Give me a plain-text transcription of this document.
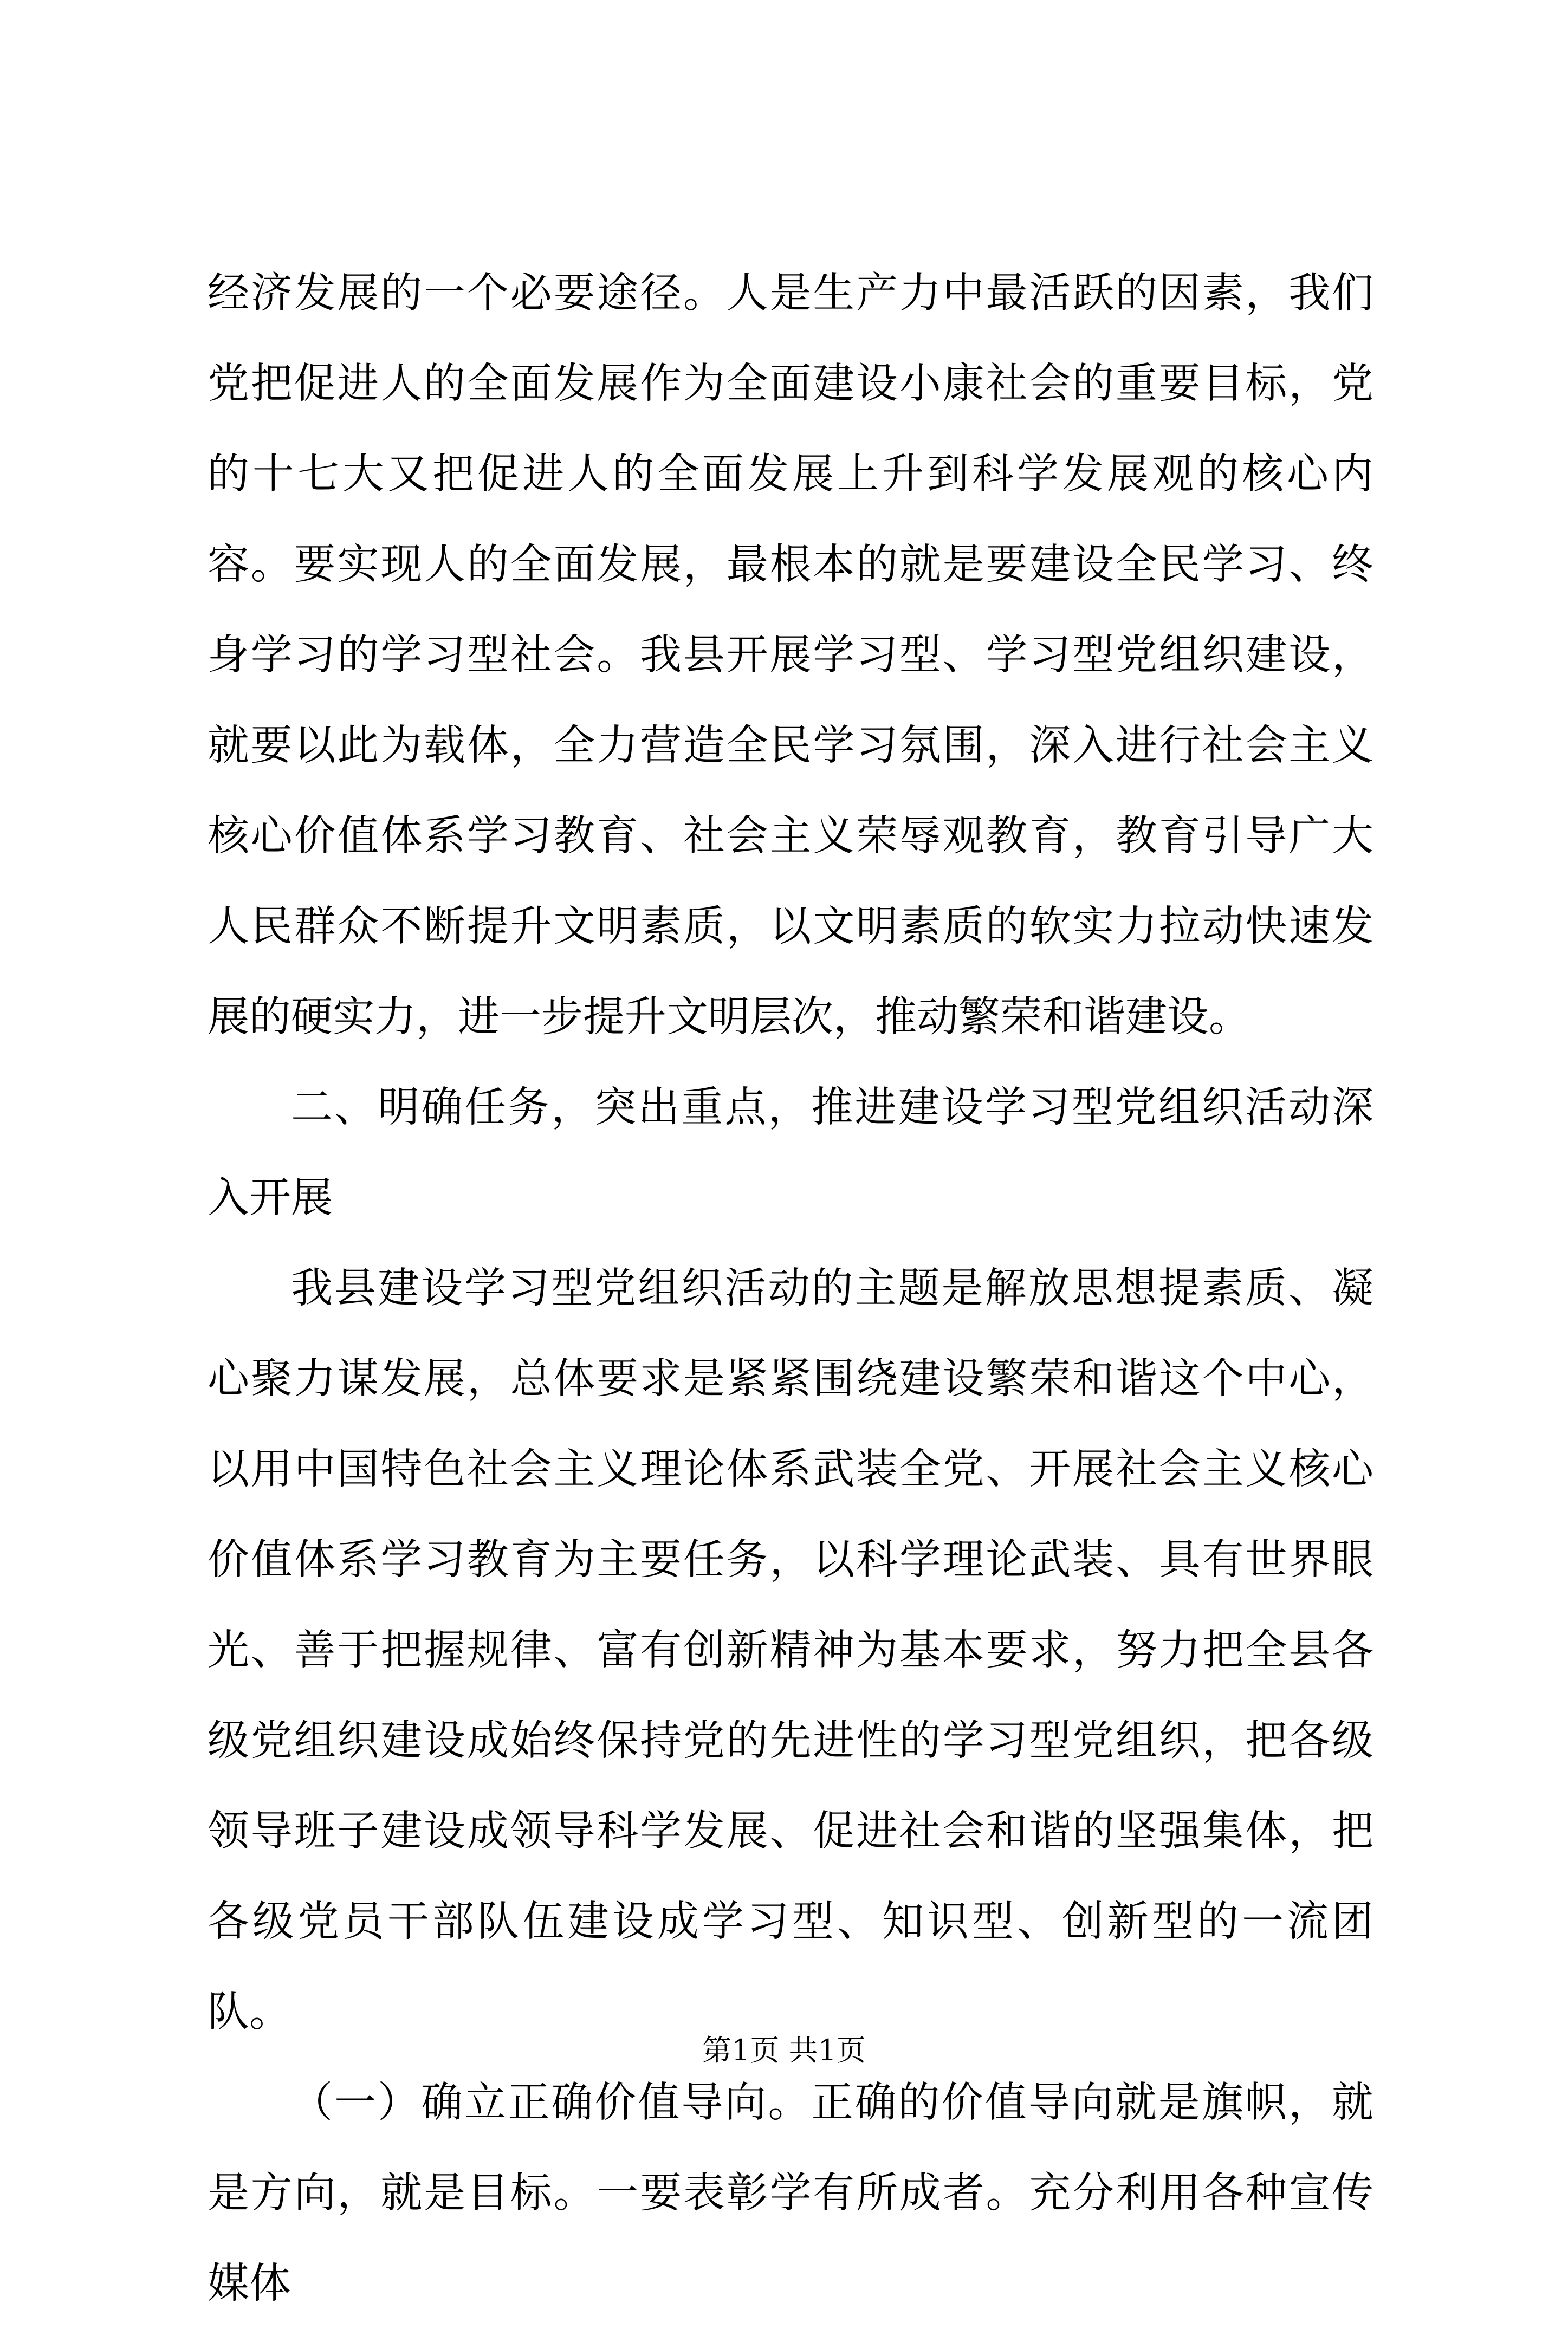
经济发展的一个必要途径。人是生产力中最活跃的因素，我们党把促进人的全面发展作为全面建设小康社会的重要目标，党的十七大又把促进人的全面发展上升到科学发展观的核心内容。要实现人的全面发展，最根本的就是要建设全民学习、终身学习的学习型社会。我县开展学习型、学习型党组织建设，就要以此为载体，全力营造全民学习氛围，深入进行社会主义核心价值体系学习教育、社会主义荣辱观教育，教育引导广大人民群众不断提升文明素质，以文明素质的软实力拉动快速发展的硬实力，进一步提升文明层次，推动繁荣和谐建设。

二、明确任务，突出重点，推进建设学习型党组织活动深入开展

我县建设学习型党组织活动的主题是解放思想提素质、凝心聚力谋发展，总体要求是紧紧围绕建设繁荣和谐这个中心，以用中国特色社会主义理论体系武装全党、开展社会主义核心价值体系学习教育为主要任务，以科学理论武装、具有世界眼光、善于把握规律、富有创新精神为基本要求，努力把全县各级党组织建设成始终保持党的先进性的学习型党组织，把各级领导班子建设成领导科学发展、促进社会和谐的坚强集体，把各级党员干部队伍建设成学习型、知识型、创新型的一流团队。

（一）确立正确价值导向。正确的价值导向就是旗帜，就是方向，就是目标。一要表彰学有所成者。充分利用各种宣传媒体

第1页 共1页
